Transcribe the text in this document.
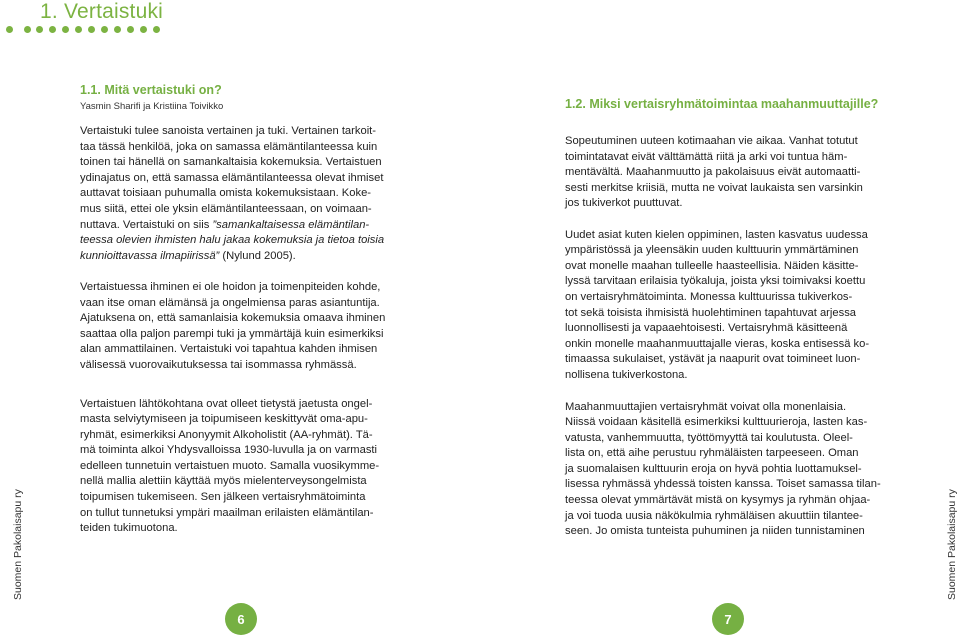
1. Vertaistuki
1.1. Mitä vertaistuki on?
Yasmin Sharifi ja Kristiina Toivikko

Vertaistuki tulee sanoista vertainen ja tuki. Vertainen tarkoit-
taa tässä henkilöä, joka on samassa elämäntilanteessa kuin
toinen tai hänellä on samankaltaisia kokemuksia. Vertaistuen
ydinajatus on, että samassa elämäntilanteessa olevat ihmiset
auttavat toisiaan puhumalla omista kokemuksistaan. Koke-
mus siitä, ettei ole yksin elämäntilanteessaan, on voimaan-
nuttava. Vertaistuki on siis ”samankaltaisessa elämäntilan-
teessa olevien ihmisten halu jakaa kokemuksia ja tietoa toisia
kunnioittavassa ilmapiirissä” (Nylund 2005).

Vertaistuessa ihminen ei ole hoidon ja toimenpiteiden kohde,
vaan itse oman elämänsä ja ongelmiensa paras asiantuntija.
Ajatuksena on, että samanlaisia kokemuksia omaava ihminen
saattaa olla paljon parempi tuki ja ymmärtäjä kuin esimerkiksi
alan ammattilainen. Vertaistuki voi tapahtua kahden ihmisen
välisessä vuorovaikutuksessa tai isommassa ryhmässä.

Vertaistuen lähtökohtana ovat olleet tietystä jaetusta ongel-
masta selviytymiseen ja toipumiseen keskittyvät oma-apu-
ryhmät, esimerkiksi Anonyymit Alkoholistit (AA-ryhmät). Tä-
mä toiminta alkoi Yhdysvalloissa 1930-luvulla ja on varmasti
edelleen tunnetuin vertaistuen muoto. Samalla vuosikymme-
nellä mallia alettiin käyttää myös mielenterveysongelmista
toipumisen tukemiseen. Sen jälkeen vertaisryhmätoiminta
on tullut tunnetuksi ympäri maailman erilaisten elämäntilan-
teiden tukimuotona.

Suomen Pakolaisapu ry
6
1.2. Miksi vertaisryhmätoimintaa maahanmuuttajille?

Sopeutuminen uuteen kotimaahan vie aikaa. Vanhat totutut
toimintatavat eivät välttämättä riitä ja arki voi tuntua häm-
mentävältä. Maahanmuutto ja pakolaisuus eivät automaatti-
sesti merkitse kriisiä, mutta ne voivat laukaista sen varsinkin
jos tukiverkot puuttuvat.

Uudet asiat kuten kielen oppiminen, lasten kasvatus uudessa
ympäristössä ja yleensäkin uuden kulttuurin ymmärtäminen
ovat monelle maahan tulleelle haasteellisia. Näiden käsitte-
lyssä tarvitaan erilaisia työkaluja, joista yksi toimivaksi koettu
on vertaisryhmätoiminta. Monessa kulttuurissa tukiverkos-
tot sekä toisista ihmisistä huolehtiminen tapahtuvat arjessa
luonnollisesti ja vapaaehtoisesti. Vertaisryhmä käsitteenä
onkin monelle maahanmuuttajalle vieras, koska entisessä ko-
timaassa sukulaiset, ystävät ja naapurit ovat toimineet luon-
nollisena tukiverkostona.

Maahanmuuttajien vertaisryhmät voivat olla monenlaisia.
Niissä voidaan käsitellä esimerkiksi kulttuurieroja, lasten kas-
vatusta, vanhemmuutta, työttömyyttä tai koulutusta. Oleel-
lista on, että aihe perustuu ryhmäläisten tarpeeseen. Oman
ja suomalaisen kulttuurin eroja on hyvä pohtia luottamuksel-
lisessa ryhmässä yhdessä toisten kanssa. Toiset samassa tilan-
teessa olevat ymmärtävät mistä on kysymys ja ryhmän ohjaa-
ja voi tuoda uusia näkökulmia ryhmäläisen akuuttiin tilantee-
seen. Jo omista tunteista puhuminen ja niiden tunnistaminen	Suomen Pakolaisapu ry
7
